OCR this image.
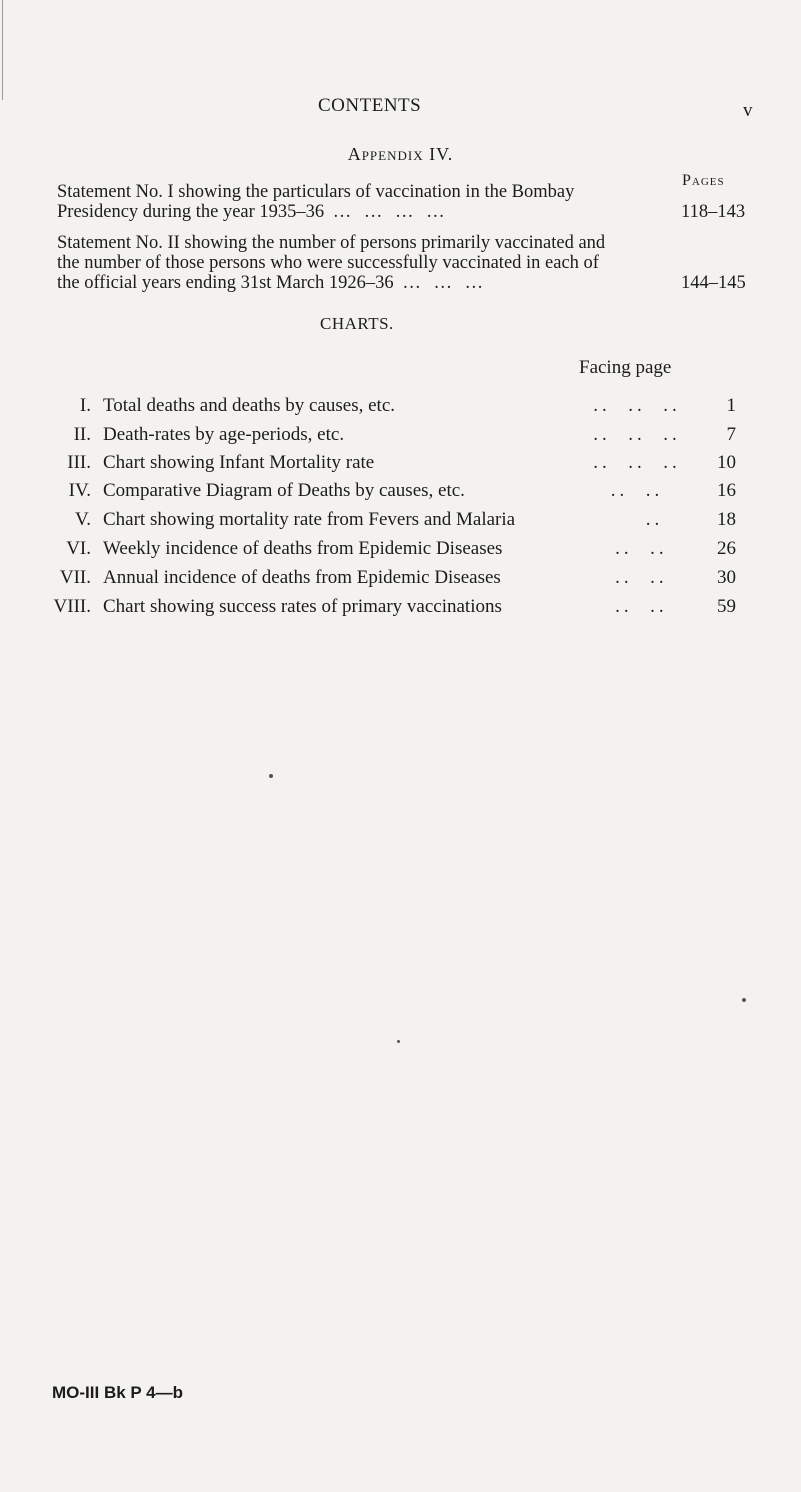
CONTENTS	v
Appendix IV.
Pages
Statement No. I showing the particulars of vaccination in the Bombay
Presidency during the year 1935–36 … … … …	118–143
Statement No. II showing the number of persons primarily vaccinated and
the number of those persons who were successfully vaccinated in each of
the official years ending 31st March 1926–36 … … …	144–145
CHARTS.
Facing page
I. Total deaths and deaths by causes, etc.	..  ..  .. 1
II. Death-rates by age-periods, etc.	..  ..  .. 7
III. Chart showing Infant Mortality rate	..  ..  .. 10
IV. Comparative Diagram of Deaths by causes, etc.	..  ..	16
V. Chart showing mortality rate from Fevers and Malaria	..	18
VI. Weekly incidence of deaths from Epidemic Diseases	..  ..	26
VII. Annual incidence of deaths from Epidemic Diseases	..  ..	30
VIII. Chart showing success rates of primary vaccinations	..  ..	59
MO-III Bk P 4—b
